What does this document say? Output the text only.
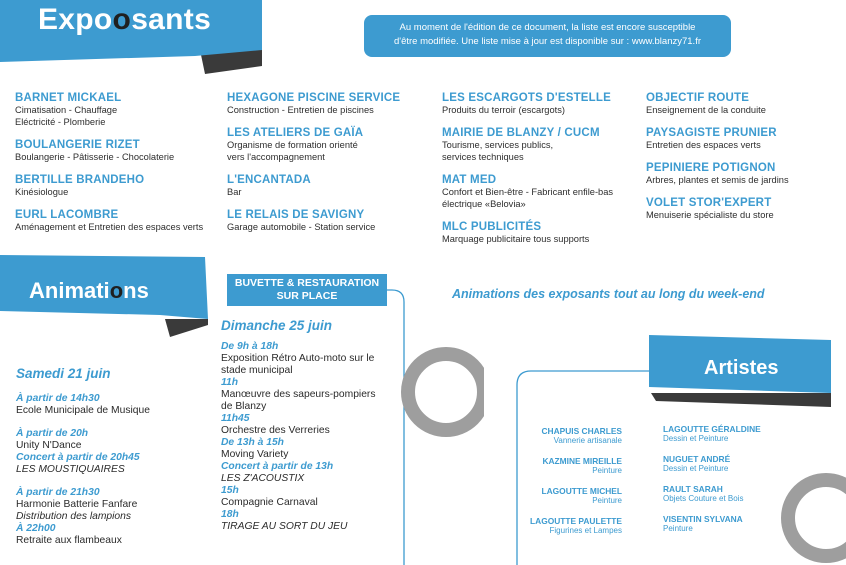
Expoosants	Au moment de l'édition de ce document, la liste est encore susceptible
d'être modifiée. Une liste mise à jour est disponible sur : www.blanzy71.fr
BARNET MICKAEL
Cimatisation - Chauffage
Eléctricité - Plomberie
BOULANGERIE RIZET
Boulangerie - Pâtisserie - Chocolaterie
BERTILLE BRANDEHO
Kinésiologue
EURL LACOMBRE
Aménagement et Entretien des espaces verts
HEXAGONE PISCINE SERVICE
Construction - Entretien de piscines
LES ATELIERS DE GAÏA
Organisme de formation orienté
vers l'accompagnement
L'ENCANTADA
Bar
LE RELAIS DE SAVIGNY
Garage automobile - Station service
LES ESCARGOTS D'ESTELLE
Produits du terroir (escargots)
MAIRIE DE BLANZY / CUCM
Tourisme, services publics,
services techniques
MAT MED
Confort et Bien-être - Fabricant enfile-bas
électrique «Belovia»
MLC PUBLICITÉS
Marquage publicitaire tous supports
OBJECTIF ROUTE
Enseignement de la conduite
PAYSAGISTE PRUNIER
Entretien des espaces verts
PEPINIERE POTIGNON
Arbres, plantes et semis de jardins
VOLET STOR'EXPERT
Menuiserie spécialiste du store
Animations	BUVETTE & RESTAURATION
SUR PLACE	Animations des exposants tout au long du week-end
Samedi 21 juin
À partir de 14h30
Ecole Municipale de Musique
À partir de 20h
Unity N'Dance
Concert à partir de 20h45
LES MOUSTIQUAIRES
À partir de 21h30
Harmonie Batterie Fanfare
Distribution des lampions
À 22h00
Retraite aux flambeaux
Dimanche 25 juin
De 9h à 18h
Exposition Rétro Auto-moto sur le
stade municipal
11h
Manœuvre des sapeurs-pompiers
de Blanzy
11h45
Orchestre des Verreries
De 13h à 15h
Moving Variety
Concert à partir de 13h
LES Z'ACOUSTIX
15h
Compagnie Carnaval
18h
TIRAGE AU SORT DU JEU
Artistes
CHAPUIS CHARLES
Vannerie artisanale
KAZMINE MIREILLE
Peinture
LAGOUTTE MICHEL
Peinture
LAGOUTTE PAULETTE
Figurines et Lampes
LAGOUTTE GÉRALDINE
Dessin et Peinture
NUGUET ANDRÉ
Dessin et Peinture
RAULT SARAH
Objets Couture et Bois
VISENTIN SYLVANA
Peinture
